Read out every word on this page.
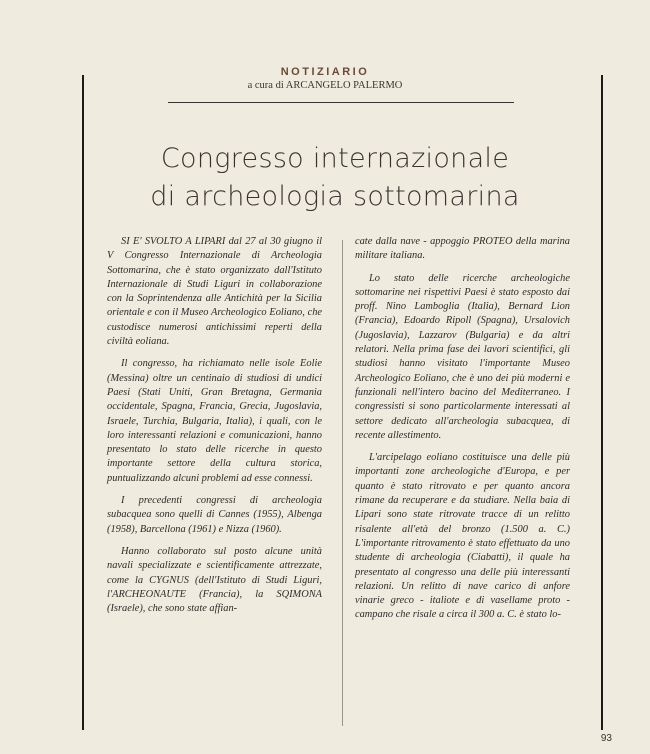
NOTIZIARIO
a cura di ARCANGELO PALERMO
Congresso internazionale
di archeologia sottomarina

SI E' SVOLTO A LIPARI dal 27 al 30 giugno il V Congresso Internazionale di Archeologia Sottomarina, che è stato organizzato dall'Istituto Internazionale di Studi Liguri in collaborazione con la Soprintendenza alle Antichità per la Sicilia orientale e con il Museo Archeologico Eoliano, che custodisce numerosi antichissimi reperti della civiltà eoliana.

Il congresso, ha richiamato nelle isole Eolie (Messina) oltre un centinaio di studiosi di undici Paesi (Stati Uniti, Gran Bretagna, Germania occidentale, Spagna, Francia, Grecia, Jugoslavia, Israele, Turchia, Bulgaria, Italia), i quali, con le loro interessanti relazioni e comunicazioni, hanno presentato lo stato delle ricerche in questo importante settore della cultura storica, puntualizzando alcuni problemi ad esse connessi.

I precedenti congressi di archeologia subacquea sono quelli di Cannes (1955), Albenga (1958), Barcellona (1961) e Nizza (1960).

Hanno collaborato sul posto alcune unità navali specializzate e scientificamente attrezzate, come la CYGNUS (dell'Istituto di Studi Liguri, l'ARCHEONAUTE (Francia), la SQIMONA (Israele), che sono state affian-

cate dalla nave - appoggio PROTEO della marina militare italiana.

Lo stato delle ricerche archeologiche sottomarine nei rispettivi Paesi è stato esposto dai proff. Nino Lamboglia (Italia), Bernard Lion (Francia), Edoardo Ripoll (Spagna), Ursalovich (Jugoslavia), Lazzarov (Bulgaria) e da altri relatori. Nella prima fase dei lavori scientifici, gli studiosi hanno visitato l'importante Museo Archeologico Eoliano, che è uno dei più moderni e funzionali nell'intero bacino del Mediterraneo. I congressisti si sono particolarmente interessati al settore dedicato all'archeologia subacquea, di recente allestimento.

L'arcipelago eoliano costituisce una delle più importanti zone archeologiche d'Europa, e per quanto è stato ritrovato e per quanto ancora rimane da recuperare e da studiare. Nella baia di Lipari sono state ritrovate tracce di un relitto risalente all'età del bronzo (1.500 a. C.) L'importante ritrovamento è stato effettuato da uno studente di archeologia (Ciabatti), il quale ha presentato al congresso una delle più interessanti relazioni. Un relitto di nave carico di anfore vinarie greco - italiote e di vasellame proto - campano che risale a circa il 300 a. C. è stato lo-

93
